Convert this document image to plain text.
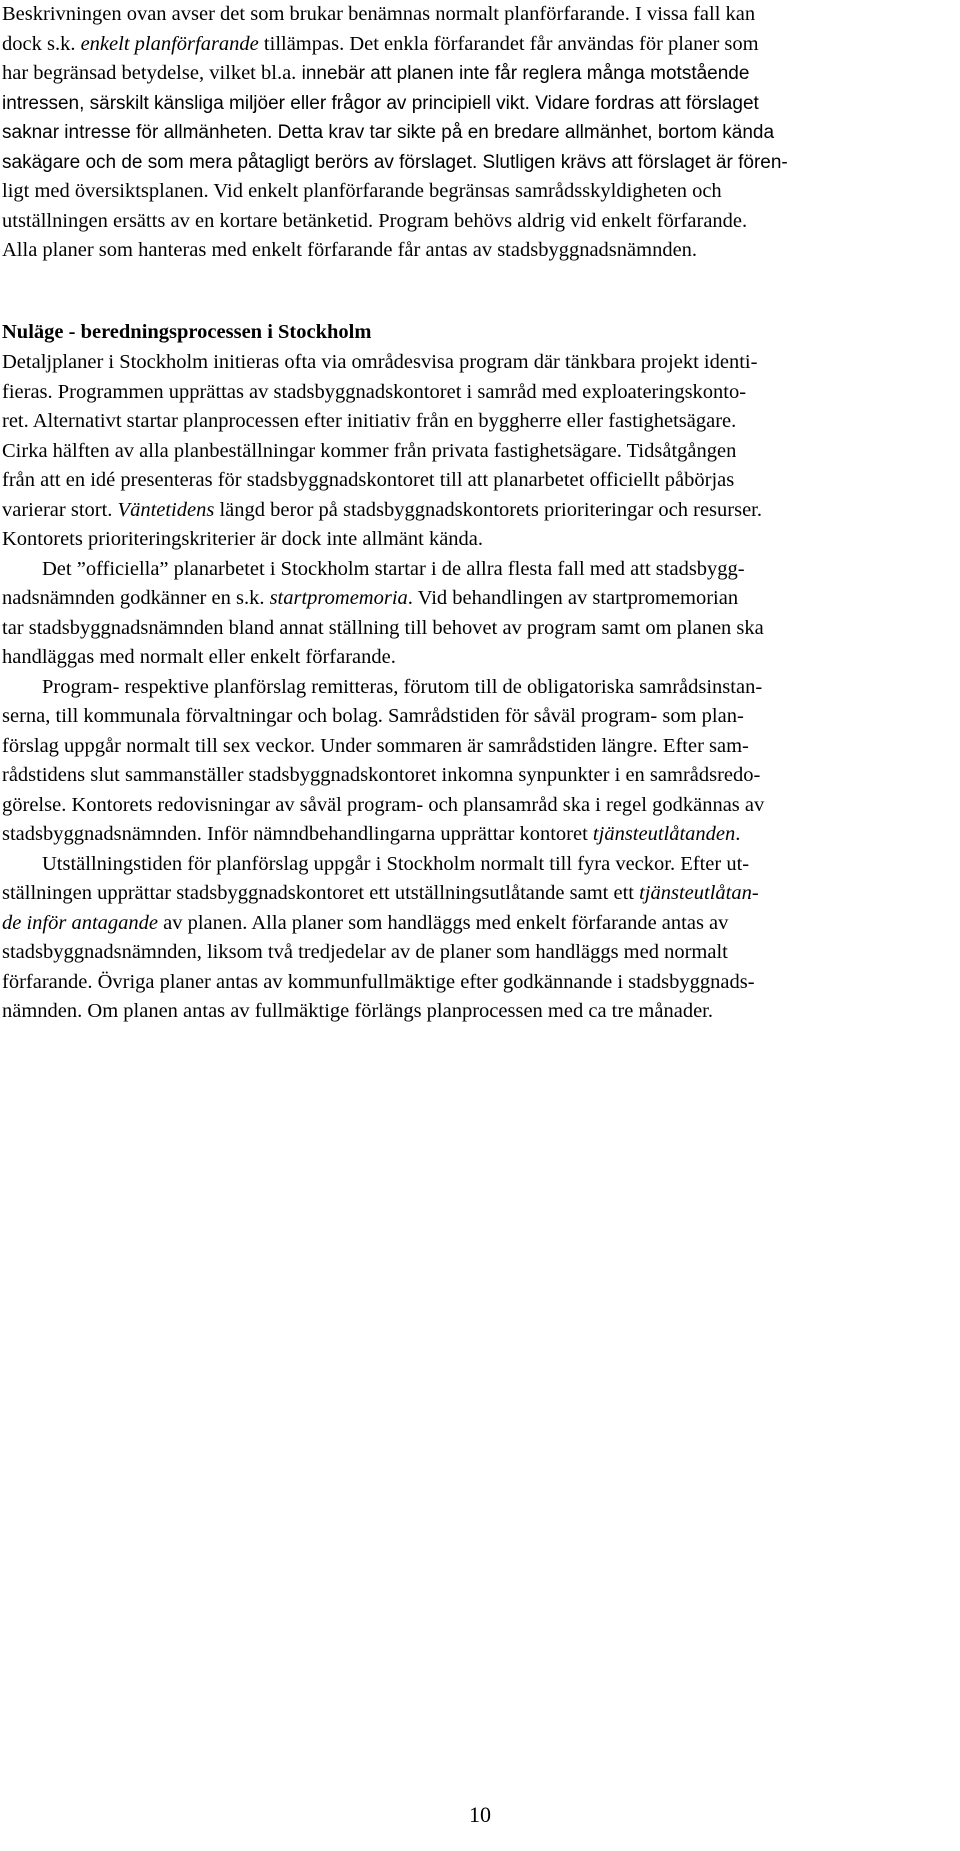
Beskrivningen ovan avser det som brukar benämnas normalt planförfarande. I vissa fall kan
dock s.k. enkelt planförfarande tillämpas. Det enkla förfarandet får användas för planer som
har begränsad betydelse, vilket bl.a. innebär att planen inte får reglera många motstående

intressen, särskilt känsliga miljöer eller frågor av principiell vikt. Vidare fordras att förslaget
saknar intresse för allmänheten. Detta krav tar sikte på en bredare allmänhet, bortom kända
sakägare och de som mera påtagligt berörs av förslaget. Slutligen krävs att förslaget är fören-

ligt med översiktsplanen. Vid enkelt planförfarande begränsas samrådsskyldigheten och
utställningen ersätts av en kortare betänketid. Program behövs aldrig vid enkelt förfarande.
Alla planer som hanteras med enkelt förfarande får antas av stadsbyggnadsnämnden.

Nuläge - beredningsprocessen i Stockholm

Detaljplaner i Stockholm initieras ofta via områdesvisa program där tänkbara projekt identi-
fieras. Programmen upprättas av stadsbyggnadskontoret i samråd med exploateringskonto-
ret. Alternativt startar planprocessen efter initiativ från en byggherre eller fastighetsägare.
Cirka hälften av alla planbeställningar kommer från privata fastighetsägare. Tidsåtgången
från att en idé presenteras för stadsbyggnadskontoret till att planarbetet officiellt påbörjas
varierar stort. Väntetidens längd beror på stadsbyggnadskontorets prioriteringar och resurser.
Kontorets prioriteringskriterier är dock inte allmänt kända.

Det ”officiella” planarbetet i Stockholm startar i de allra flesta fall med att stadsbygg-
nadsnämnden godkänner en s.k. startpromemoria. Vid behandlingen av startpromemorian
tar stadsbyggnadsnämnden bland annat ställning till behovet av program samt om planen ska
handläggas med normalt eller enkelt förfarande.

Program- respektive planförslag remitteras, förutom till de obligatoriska samrådsinstan-
serna, till kommunala förvaltningar och bolag. Samrådstiden för såväl program- som plan-
förslag uppgår normalt till sex veckor. Under sommaren är samrådstiden längre. Efter sam-
rådstidens slut sammanställer stadsbyggnadskontoret inkomna synpunkter i en samrådsredo-
görelse. Kontorets redovisningar av såväl program- och plansamråd ska i regel godkännas av
stadsbyggnadsnämnden. Inför nämndbehandlingarna upprättar kontoret tjänsteutlåtanden.

Utställningstiden för planförslag uppgår i Stockholm normalt till fyra veckor. Efter ut-
ställningen upprättar stadsbyggnadskontoret ett utställningsutlåtande samt ett tjänsteutlåtan-
de inför antagande av planen. Alla planer som handläggs med enkelt förfarande antas av
stadsbyggnadsnämnden, liksom två tredjedelar av de planer som handläggs med normalt
förfarande. Övriga planer antas av kommunfullmäktige efter godkännande i stadsbyggnads-
nämnden. Om planen antas av fullmäktige förlängs planprocessen med ca tre månader.

10
